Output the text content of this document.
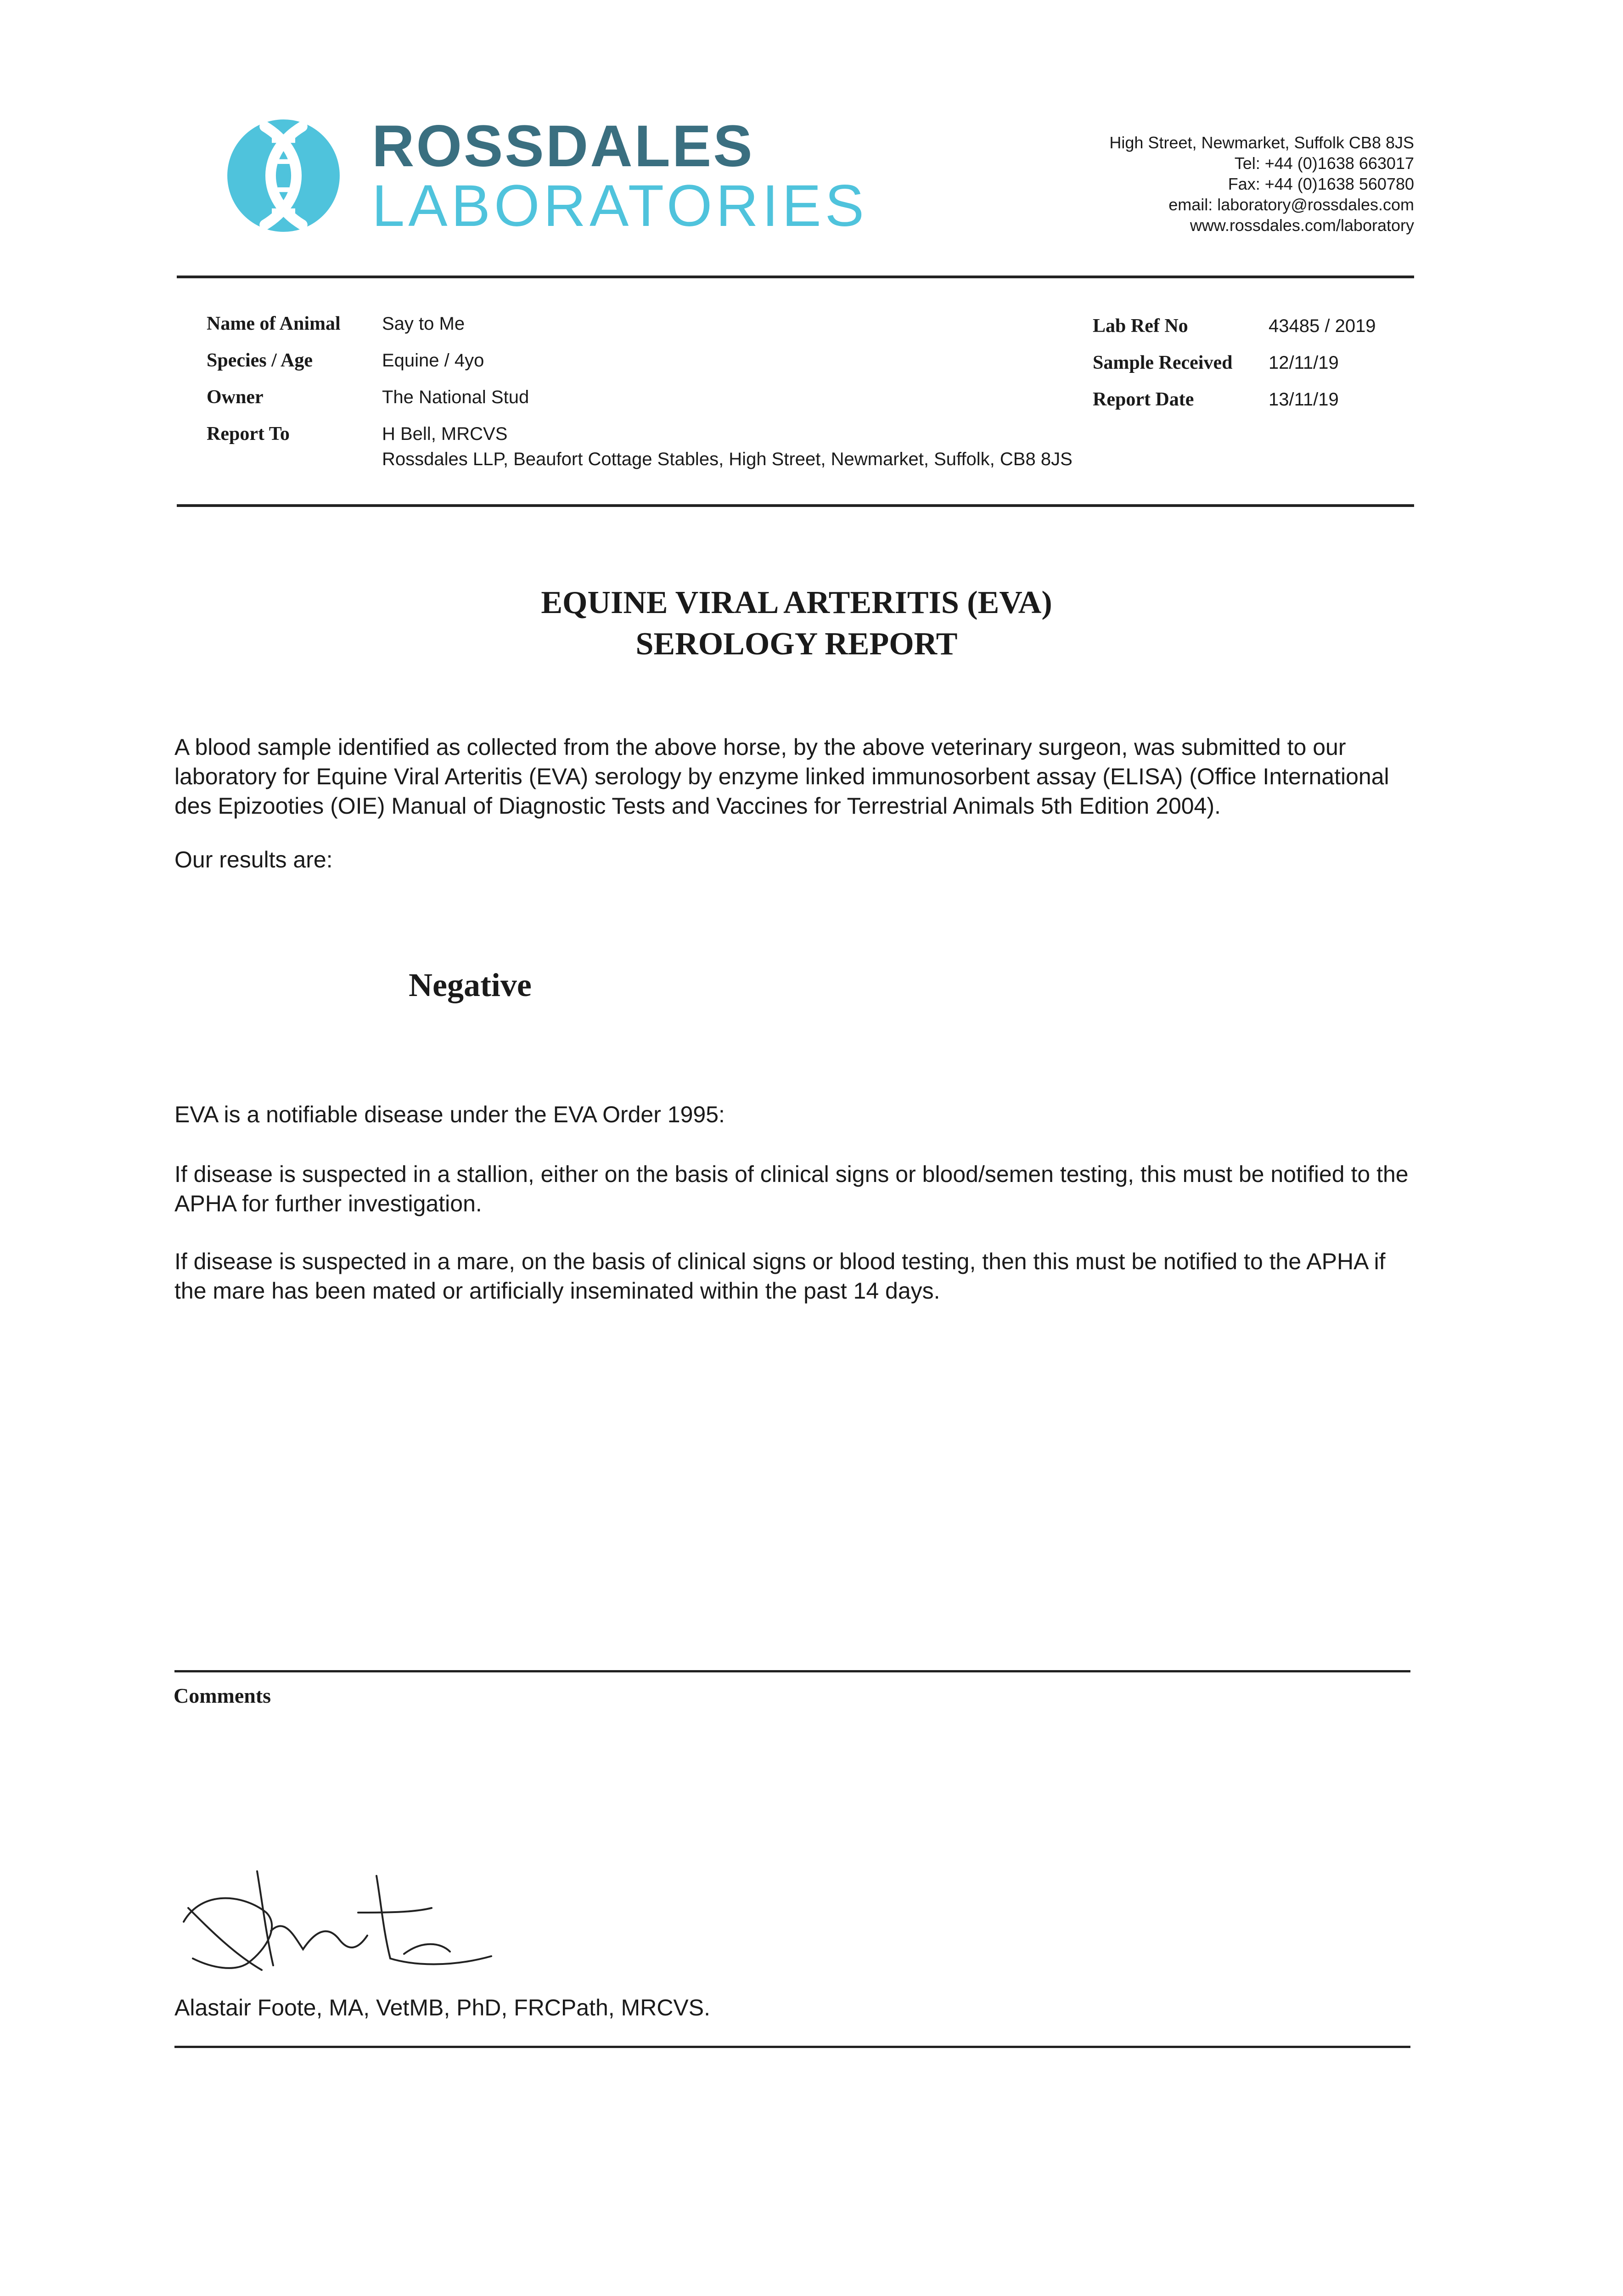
ROSSDALES
LABORATORIES
High Street, Newmarket, Suffolk CB8 8JS
Tel: +44 (0)1638 663017
Fax: +44 (0)1638 560780
email: laboratory@rossdales.com
www.rossdales.com/laboratory
Name of Animal Say to Me
Species / Age	Equine / 4yo
Owner	The National Stud
Report To	H Bell, MRCVS
Rossdales LLP, Beaufort Cottage Stables, High Street, Newmarket, Suffolk, CB8 8JS
Lab Ref No	43485 / 2019
Sample Received 12/11/19
Report Date	13/11/19
EQUINE VIRAL ARTERITIS (EVA)
SEROLOGY REPORT
A blood sample identified as collected from the above horse, by the above veterinary surgeon, was submitted to our laboratory for Equine Viral Arteritis (EVA) serology by enzyme linked immunosorbent assay (ELISA) (Office International des Epizooties (OIE) Manual of Diagnostic Tests and Vaccines for Terrestrial Animals 5th Edition 2004).
Our results are:
Negative
EVA is a notifiable disease under the EVA Order 1995:
If disease is suspected in a stallion, either on the basis of clinical signs or blood/semen testing, this must be notified to the APHA for further investigation.
If disease is suspected in a mare, on the basis of clinical signs or blood testing, then this must be notified to the APHA if the mare has been mated or artificially inseminated within the past 14 days.
Comments
Alastair Foote, MA, VetMB, PhD, FRCPath, MRCVS.
